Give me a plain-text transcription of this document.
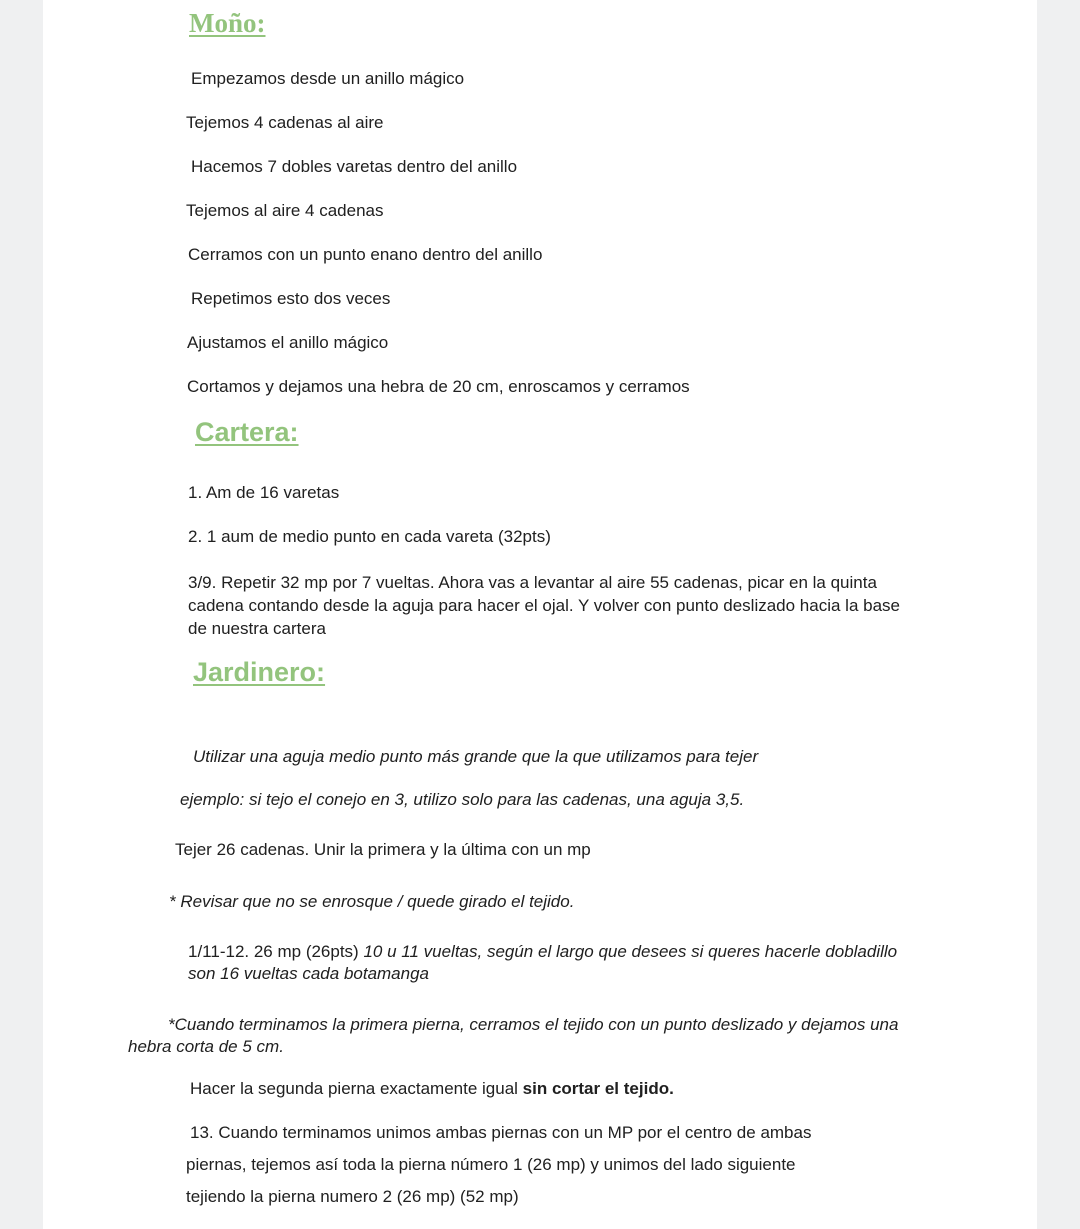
Moño:
Empezamos desde un anillo mágico
Tejemos 4 cadenas al aire
Hacemos 7 dobles varetas dentro del anillo
Tejemos al aire 4 cadenas
Cerramos con un punto enano dentro del anillo
Repetimos esto dos veces
Ajustamos el anillo mágico
Cortamos y dejamos una hebra de 20 cm, enroscamos y cerramos
Cartera:
1. Am de 16 varetas
2. 1 aum de medio punto en cada vareta (32pts)
3/9. Repetir 32 mp por 7 vueltas. Ahora vas a levantar al aire 55 cadenas, picar en la quinta
cadena contando desde la aguja para hacer el ojal. Y volver con punto deslizado hacia la base
de nuestra cartera
Jardinero:
Utilizar una aguja medio punto más grande que la que utilizamos para tejer
ejemplo: si tejo el conejo en 3, utilizo solo para las cadenas, una aguja 3,5.
Tejer 26 cadenas. Unir la primera y la última con un mp
* Revisar que no se enrosque / quede girado el tejido.
1/11-12. 26 mp (26pts) 10 u 11 vueltas, según el largo que desees si queres hacerle dobladillo
son 16 vueltas cada botamanga
*Cuando terminamos la primera pierna, cerramos el tejido con un punto deslizado y dejamos una
hebra corta de 5 cm.
Hacer la segunda pierna exactamente igual sin cortar el tejido.
13. Cuando terminamos unimos ambas piernas con un MP por el centro de ambas
piernas, tejemos así toda la pierna número 1 (26 mp) y unimos del lado siguiente
tejiendo la pierna numero 2 (26 mp) (52 mp)
